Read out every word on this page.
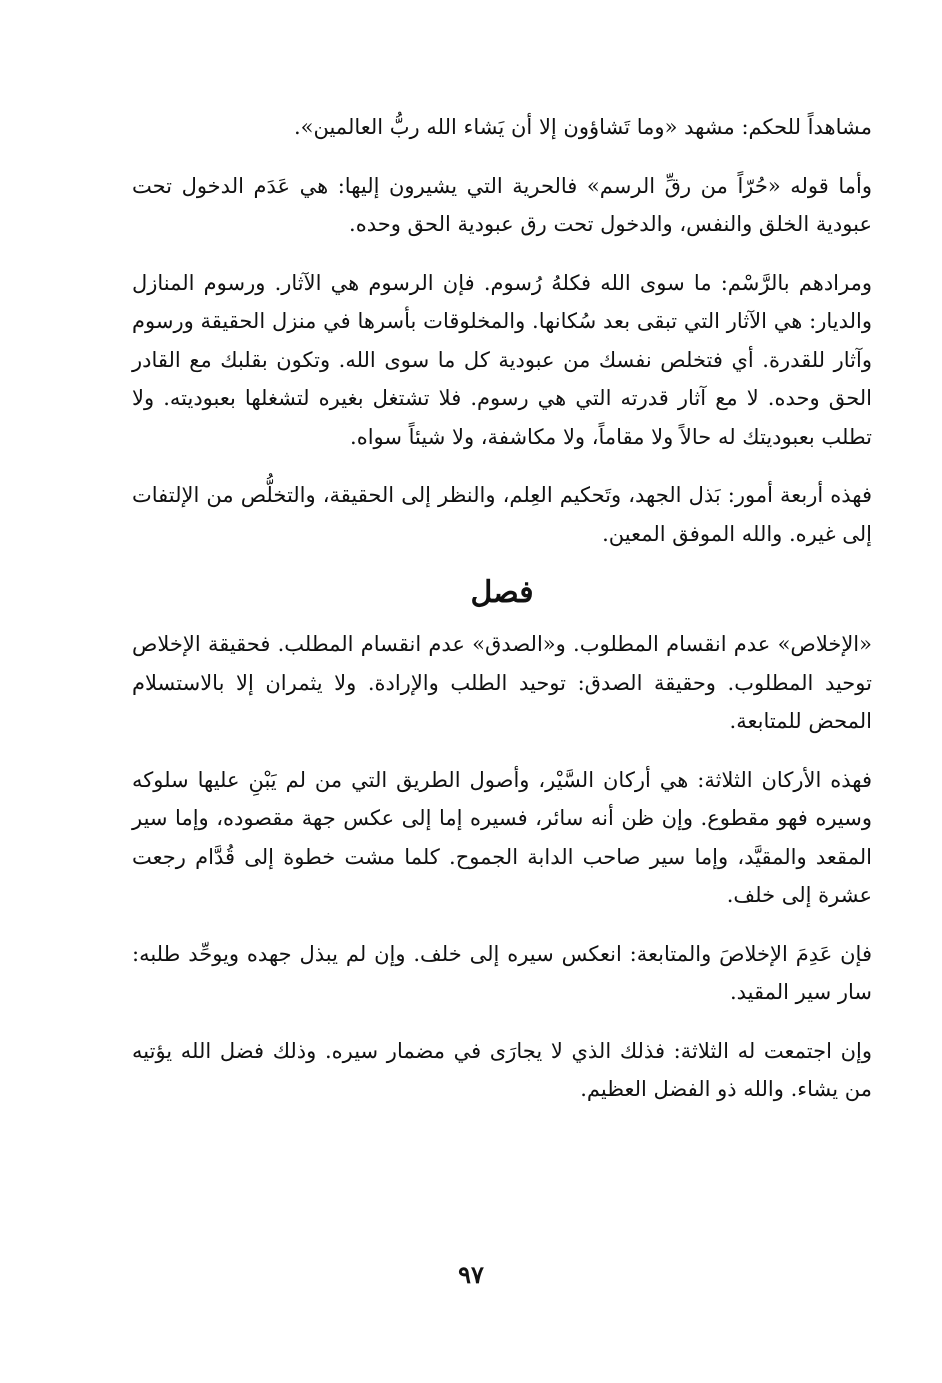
مشاهداً للحكم: مشهد «وما تَشاؤون إلا أن يَشاء الله ربُّ العالمين».

وأما قوله «حُرّاً من رقِّ الرسم» فالحرية التي يشيرون إليها: هي عَدَم الدخول تحت عبودية الخلق والنفس، والدخول تحت رق عبودية الحق وحده.

ومرادهم بالرَّسْم: ما سوى الله فكلهُ رُسوم. فإن الرسوم هي الآثار. ورسوم المنازل والديار: هي الآثار التي تبقى بعد سُكانها. والمخلوقات بأسرها في منزل الحقيقة ورسوم وآثار للقدرة. أي فتخلص نفسك من عبودية كل ما سوى الله. وتكون بقلبك مع القادر الحق وحده. لا مع آثار قدرته التي هي رسوم. فلا تشتغل بغيره لتشغلها بعبوديته. ولا تطلب بعبوديتك له حالاً ولا مقاماً، ولا مكاشفة، ولا شيئاً سواه.

فهذه أربعة أمور: بَذل الجهد، وتَحكيم العِلم، والنظر إلى الحقيقة، والتخلُّص من الإلتفات إلى غيره. والله الموفق المعين.

فصل

«الإخلاص» عدم انقسام المطلوب. و«الصدق» عدم انقسام المطلب. فحقيقة الإخلاص توحيد المطلوب. وحقيقة الصدق: توحيد الطلب والإرادة. ولا يثمران إلا بالاستسلام المحض للمتابعة.

فهذه الأركان الثلاثة: هي أركان السَّيْر، وأصول الطريق التي من لم يَبْنِ عليها سلوكه وسيره فهو مقطوع. وإن ظن أنه سائر، فسيره إما إلى عكس جهة مقصوده، وإما سير المقعد والمقيَّد، وإما سير صاحب الدابة الجموح. كلما مشت خطوة إلى قُدَّام رجعت عشرة إلى خلف.

فإن عَدِمَ الإخلاصَ والمتابعة: انعكس سيره إلى خلف. وإن لم يبذل جهده ويوحِّد طلبه: سار سير المقيد.

وإن اجتمعت له الثلاثة: فذلك الذي لا يجارَى في مضمار سيره. وذلك فضل الله يؤتيه من يشاء. والله ذو الفضل العظيم.

٩٧
